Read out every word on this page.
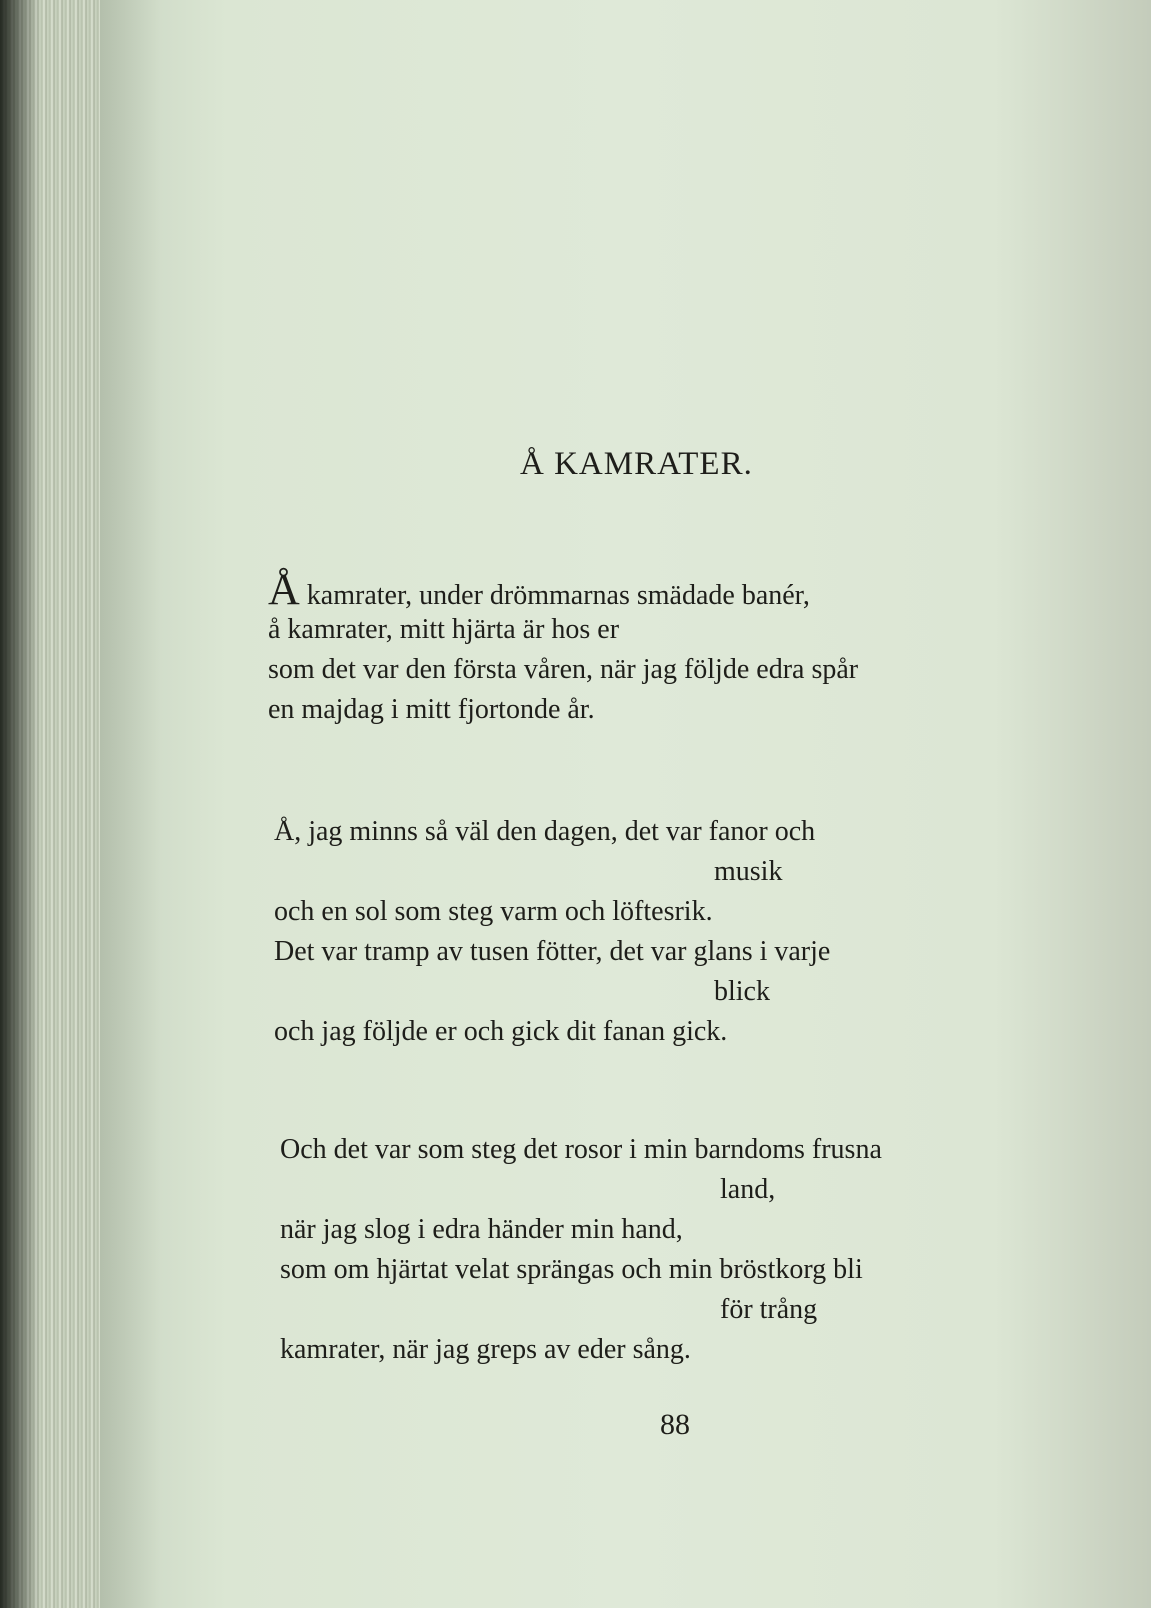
Å KAMRATER.
Å kamrater, under drömmarnas smädade banér,
å kamrater, mitt hjärta är hos er
som det var den första våren, när jag följde edra spår
en majdag i mitt fjortonde år.
Å, jag minns så väl den dagen, det var fanor och
musik
och en sol som steg varm och löftesrik.
Det var tramp av tusen fötter, det var glans i varje
blick
och jag följde er och gick dit fanan gick.
Och det var som steg det rosor i min barndoms frusna
land,
när jag slog i edra händer min hand,
som om hjärtat velat sprängas och min bröstkorg bli
för trång
kamrater, när jag greps av eder sång.
88
